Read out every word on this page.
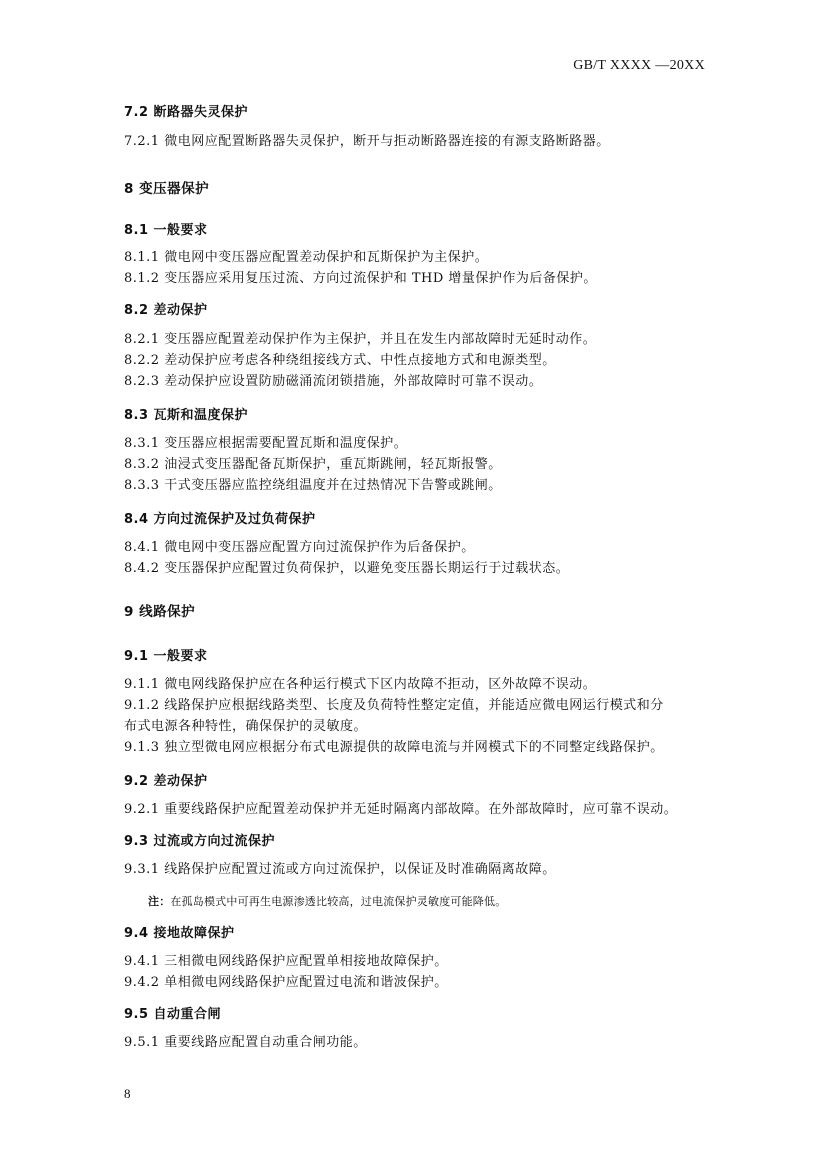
GB/T XXXX —20XX
7.2 断路器失灵保护
7.2.1 微电网应配置断路器失灵保护，断开与拒动断路器连接的有源支路断路器。
8 变压器保护
8.1 一般要求
8.1.1 微电网中变压器应配置差动保护和瓦斯保护为主保护。
8.1.2 变压器应采用复压过流、方向过流保护和 THD 增量保护作为后备保护。
8.2 差动保护
8.2.1 变压器应配置差动保护作为主保护，并且在发生内部故障时无延时动作。
8.2.2 差动保护应考虑各种绕组接线方式、中性点接地方式和电源类型。
8.2.3 差动保护应设置防励磁涌流闭锁措施，外部故障时可靠不误动。
8.3 瓦斯和温度保护
8.3.1 变压器应根据需要配置瓦斯和温度保护。
8.3.2 油浸式变压器配备瓦斯保护，重瓦斯跳闸，轻瓦斯报警。
8.3.3 干式变压器应监控绕组温度并在过热情况下告警或跳闸。
8.4 方向过流保护及过负荷保护
8.4.1 微电网中变压器应配置方向过流保护作为后备保护。
8.4.2 变压器保护应配置过负荷保护，以避免变压器长期运行于过载状态。
9 线路保护
9.1 一般要求
9.1.1 微电网线路保护应在各种运行模式下区内故障不拒动，区外故障不误动。
9.1.2 线路保护应根据线路类型、长度及负荷特性整定定值，并能适应微电网运行模式和分
布式电源各种特性，确保保护的灵敏度。
9.1.3 独立型微电网应根据分布式电源提供的故障电流与并网模式下的不同整定线路保护。
9.2 差动保护
9.2.1 重要线路保护应配置差动保护并无延时隔离内部故障。在外部故障时，应可靠不误动。
9.3 过流或方向过流保护
9.3.1 线路保护应配置过流或方向过流保护，以保证及时准确隔离故障。
注：在孤岛模式中可再生电源渗透比较高，过电流保护灵敏度可能降低。
9.4 接地故障保护
9.4.1 三相微电网线路保护应配置单相接地故障保护。
9.4.2 单相微电网线路保护应配置过电流和谐波保护。
9.5 自动重合闸
9.5.1 重要线路应配置自动重合闸功能。
8
